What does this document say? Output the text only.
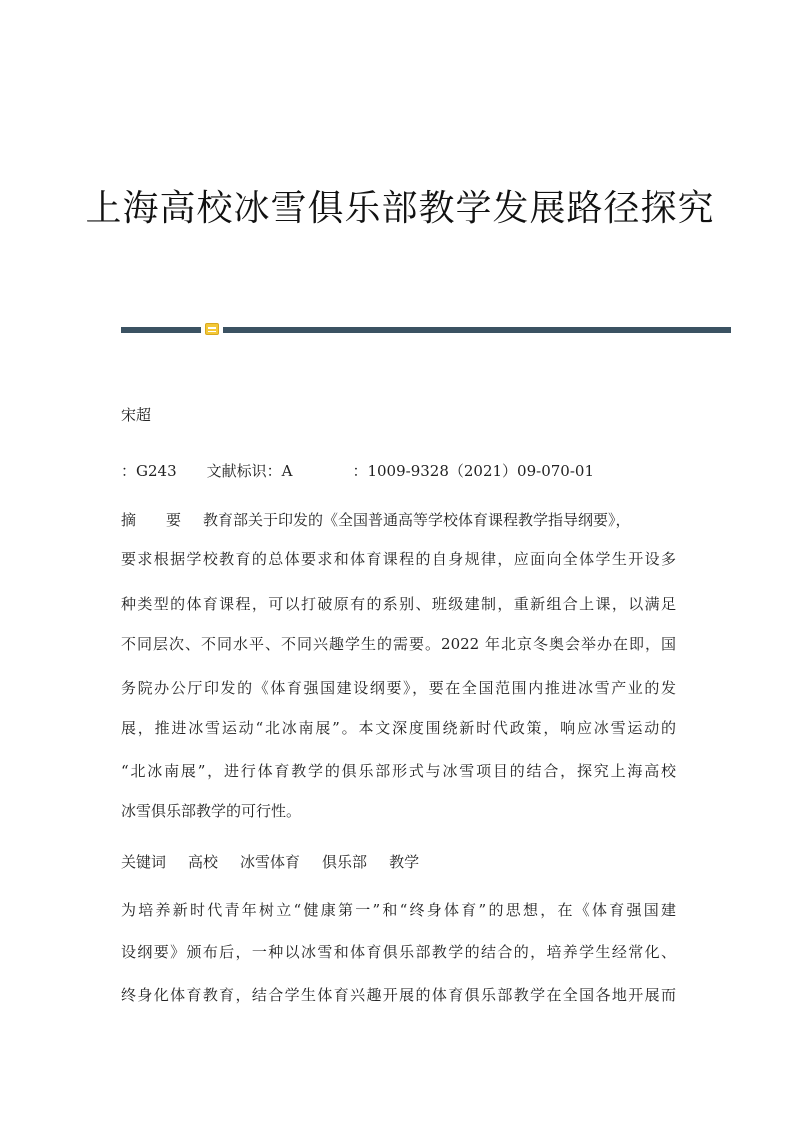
上海高校冰雪俱乐部教学发展路径探究
宋超
：G243 文献标识：A	：1009-9328（2021）09-070-01
摘　　要 教育部关于印发的《全国普通高等学校体育课程教学指导纲要》，
要求根据学校教育的总体要求和体育课程的自身规律，应面向全体学生开设多
种类型的体育课程，可以打破原有的系别、班级建制，重新组合上课，以满足
不同层次、不同水平、不同兴趣学生的需要。2022 年北京冬奥会举办在即，国
务院办公厅印发的《体育强国建设纲要》，要在全国范围内推进冰雪产业的发
展，推进冰雪运动“北冰南展”。本文深度围绕新时代政策，响应冰雪运动的
“北冰南展”，进行体育教学的俱乐部形式与冰雪项目的结合，探究上海高校
冰雪俱乐部教学的可行性。
关键词 高校 冰雪体育 俱乐部 教学
为培养新时代青年树立“健康第一”和“终身体育”的思想，在《体育强国建
设纲要》颁布后，一种以冰雪和体育俱乐部教学的结合的，培养学生经常化、
终身化体育教育，结合学生体育兴趣开展的体育俱乐部教学在全国各地开展而
